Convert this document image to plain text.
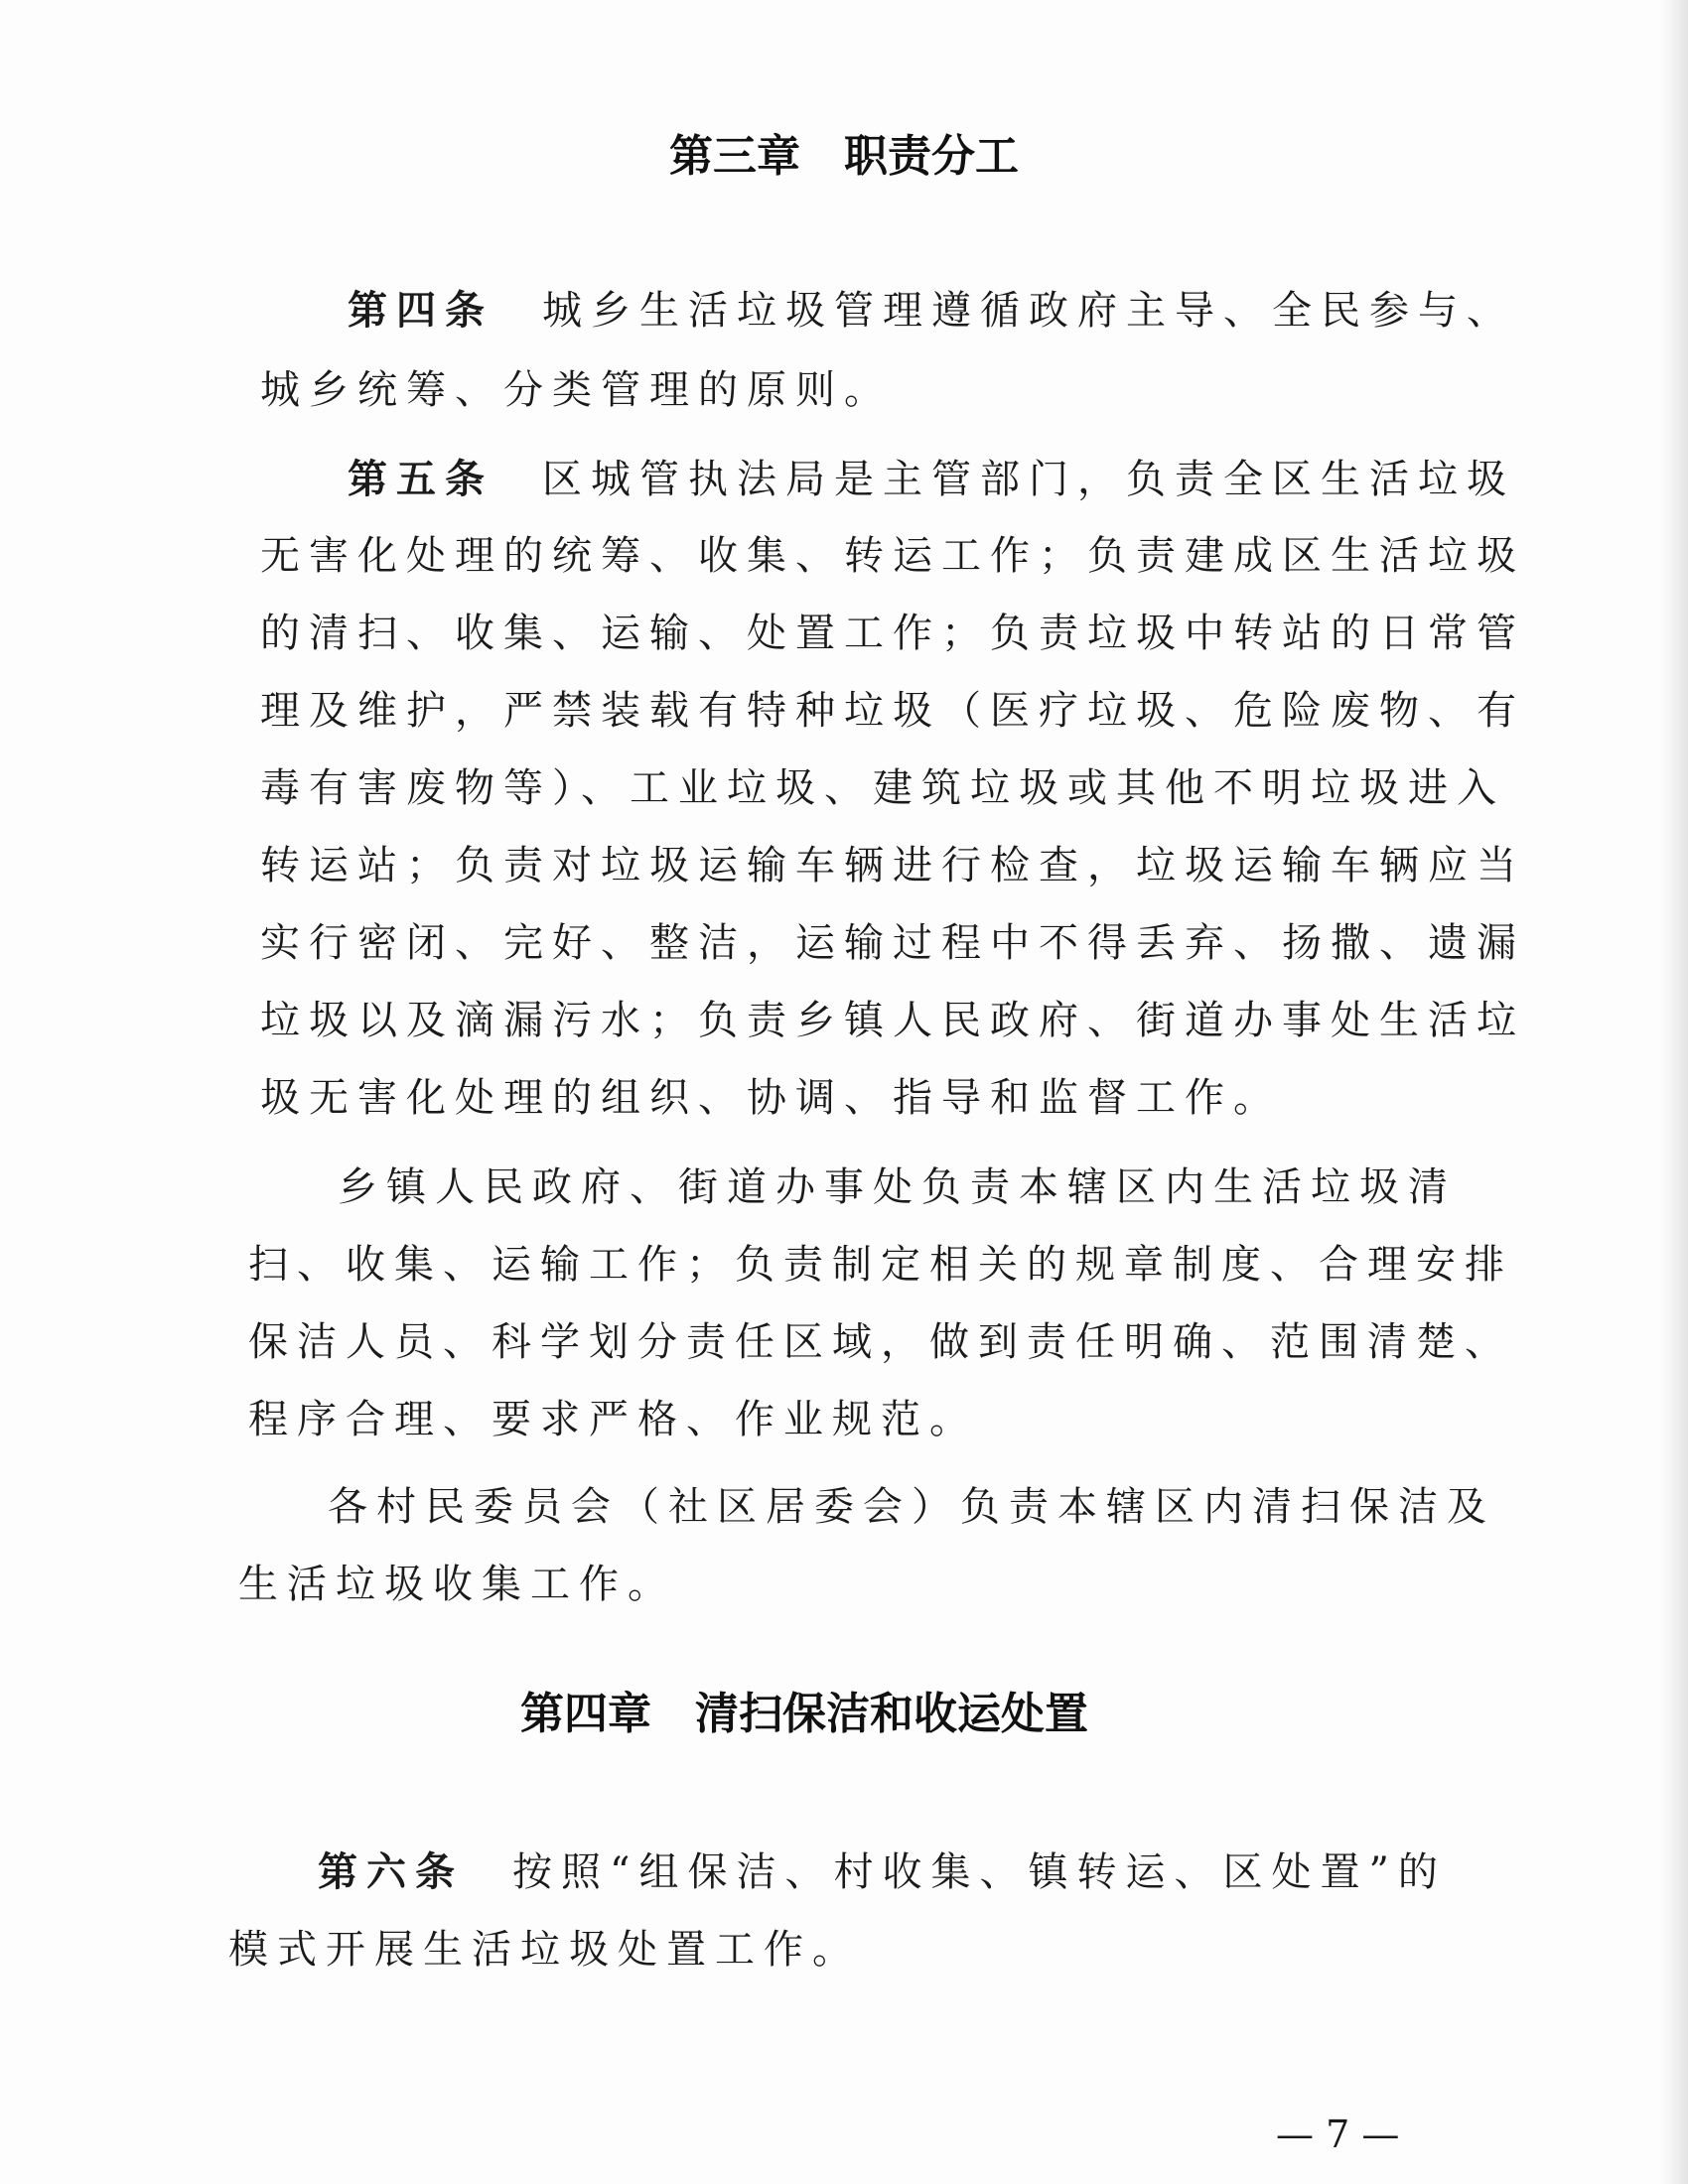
第三章　职责分工

第四条　 城乡生活垃圾管理遵循政府主导、全民参与、

城乡统筹、分类管理的原则。

第五条　 区城管执法局是主管部门，负责全区生活垃圾

无害化处理的统筹、收集、转运工作；负责建成区生活垃圾

的清扫、收集、运输、处置工作；负责垃圾中转站的日常管

理及维护，严禁装载有特种垃圾（医疗垃圾、危险废物、有

毒有害废物等）、工业垃圾、建筑垃圾或其他不明垃圾进入

转运站；负责对垃圾运输车辆进行检查，垃圾运输车辆应当

实行密闭、完好、整洁，运输过程中不得丢弃、扬撒、遗漏

垃圾以及滴漏污水；负责乡镇人民政府、街道办事处生活垃

圾无害化处理的组织、协调、指导和监督工作。

乡镇人民政府、街道办事处负责本辖区内生活垃圾清

扫、收集、运输工作；负责制定相关的规章制度、合理安排

保洁人员、科学划分责任区域，做到责任明确、范围清楚、

程序合理、要求严格、作业规范。

各村民委员会（社区居委会）负责本辖区内清扫保洁及

生活垃圾收集工作。

第四章　清扫保洁和收运处置

第六条　 按照“组保洁、村收集、镇转运、区处置”的

模式开展生活垃圾处置工作。

— 7 —
